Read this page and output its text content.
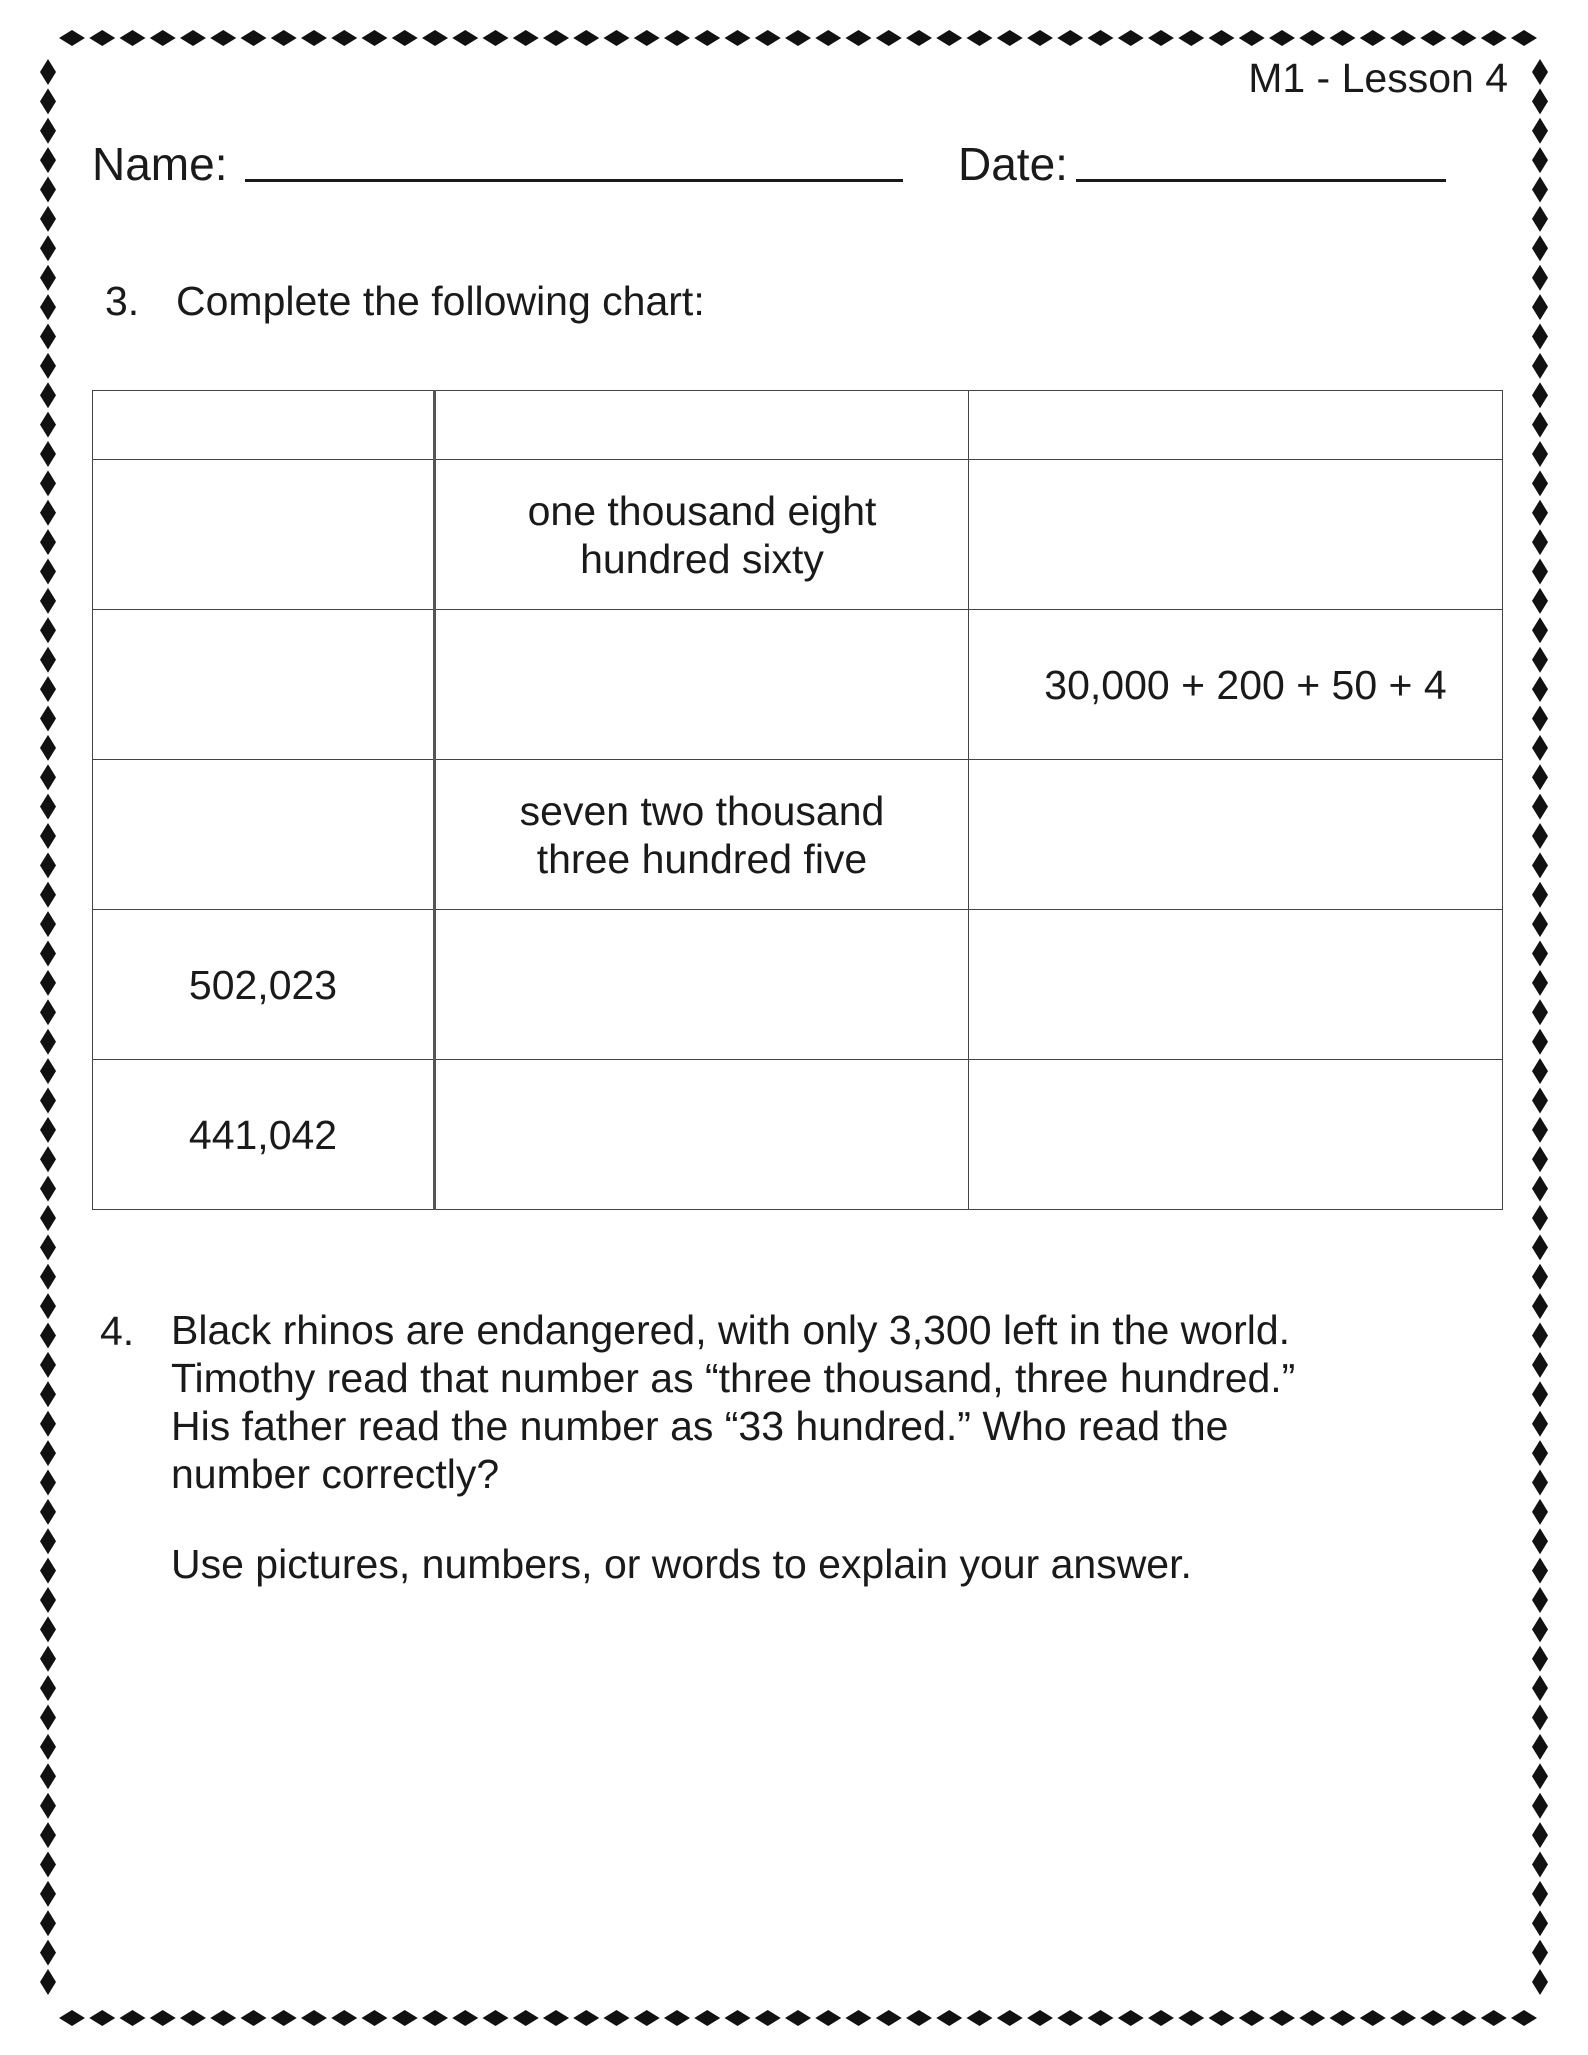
M1 - Lesson 4
Name:	Date:
3. Complete the following chart:

	one thousand eight
hundred sixty	
		30,000 + 200 + 50 + 4
	seven two thousand
three hundred five	
502,023		
441,042		
4. Black rhinos are endangered, with only 3,300 left in the world.
Timothy read that number as “three thousand, three hundred.”
His father read the number as “33 hundred.” Who read the
number correctly?

Use pictures, numbers, or words to explain your answer.
